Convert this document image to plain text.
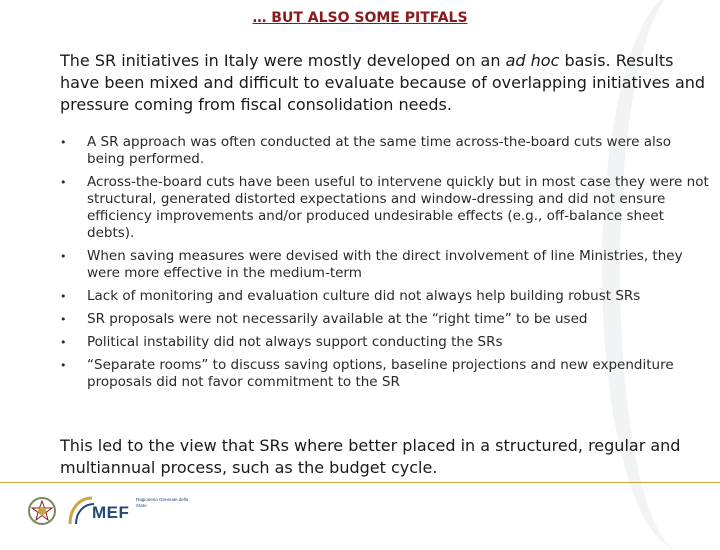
… BUT ALSO SOME PITFALS
The SR initiatives in Italy were mostly developed on an ad hoc basis. Results have been mixed and difficult to evaluate because of overlapping initiatives and pressure coming from fiscal consolidation needs.
• A SR approach was often conducted at the same time across-the-board cuts were also being performed.
• Across-the-board cuts have been useful to intervene quickly but in most case they were not structural, generated distorted expectations and window-dressing and did not ensure efficiency improvements and/or produced undesirable effects (e.g., off-balance sheet debts).
• When saving measures were devised with the direct involvement of line Ministries, they were more effective in the medium-term
• Lack of monitoring and evaluation culture did not always help building robust SRs
• SR proposals were not necessarily available at the “right time” to be used
• Political instability did not always support conducting the SRs
• “Separate rooms” to discuss saving options, baseline projections and new expenditure proposals did not favor commitment to the SR
This led to the view that SRs where better placed in a structured, regular and multiannual process, such as the budget cycle.
MEF
Ragioneria Generale dello Stato
